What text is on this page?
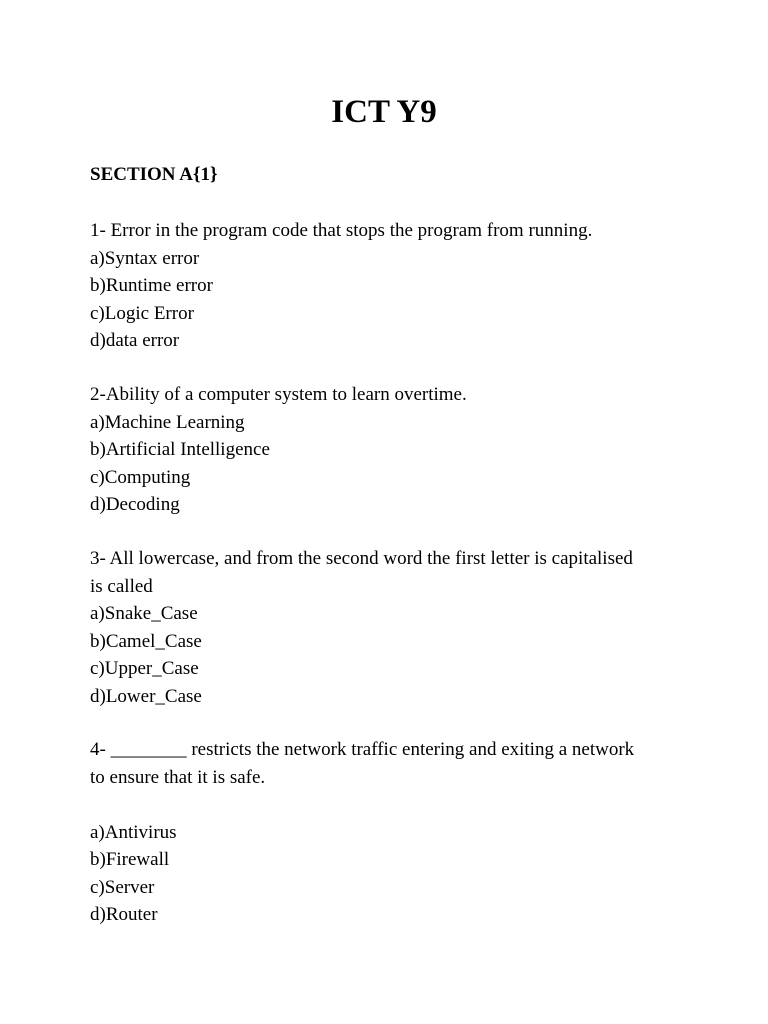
ICT Y9
SECTION A{1}

1- Error in the program code that stops the program from running.

a)Syntax error

b)Runtime error

c)Logic Error

d)data error

2-Ability of a computer system to learn overtime.

a)Machine Learning

b)Artificial Intelligence

c)Computing

d)Decoding

3- All lowercase, and from the second word the first letter is capitalised

is called

a)Snake_Case

b)Camel_Case

c)Upper_Case

d)Lower_Case

4- ________ restricts the network traffic entering and exiting a network

to ensure that it is safe.

a)Antivirus

b)Firewall

c)Server

d)Router
